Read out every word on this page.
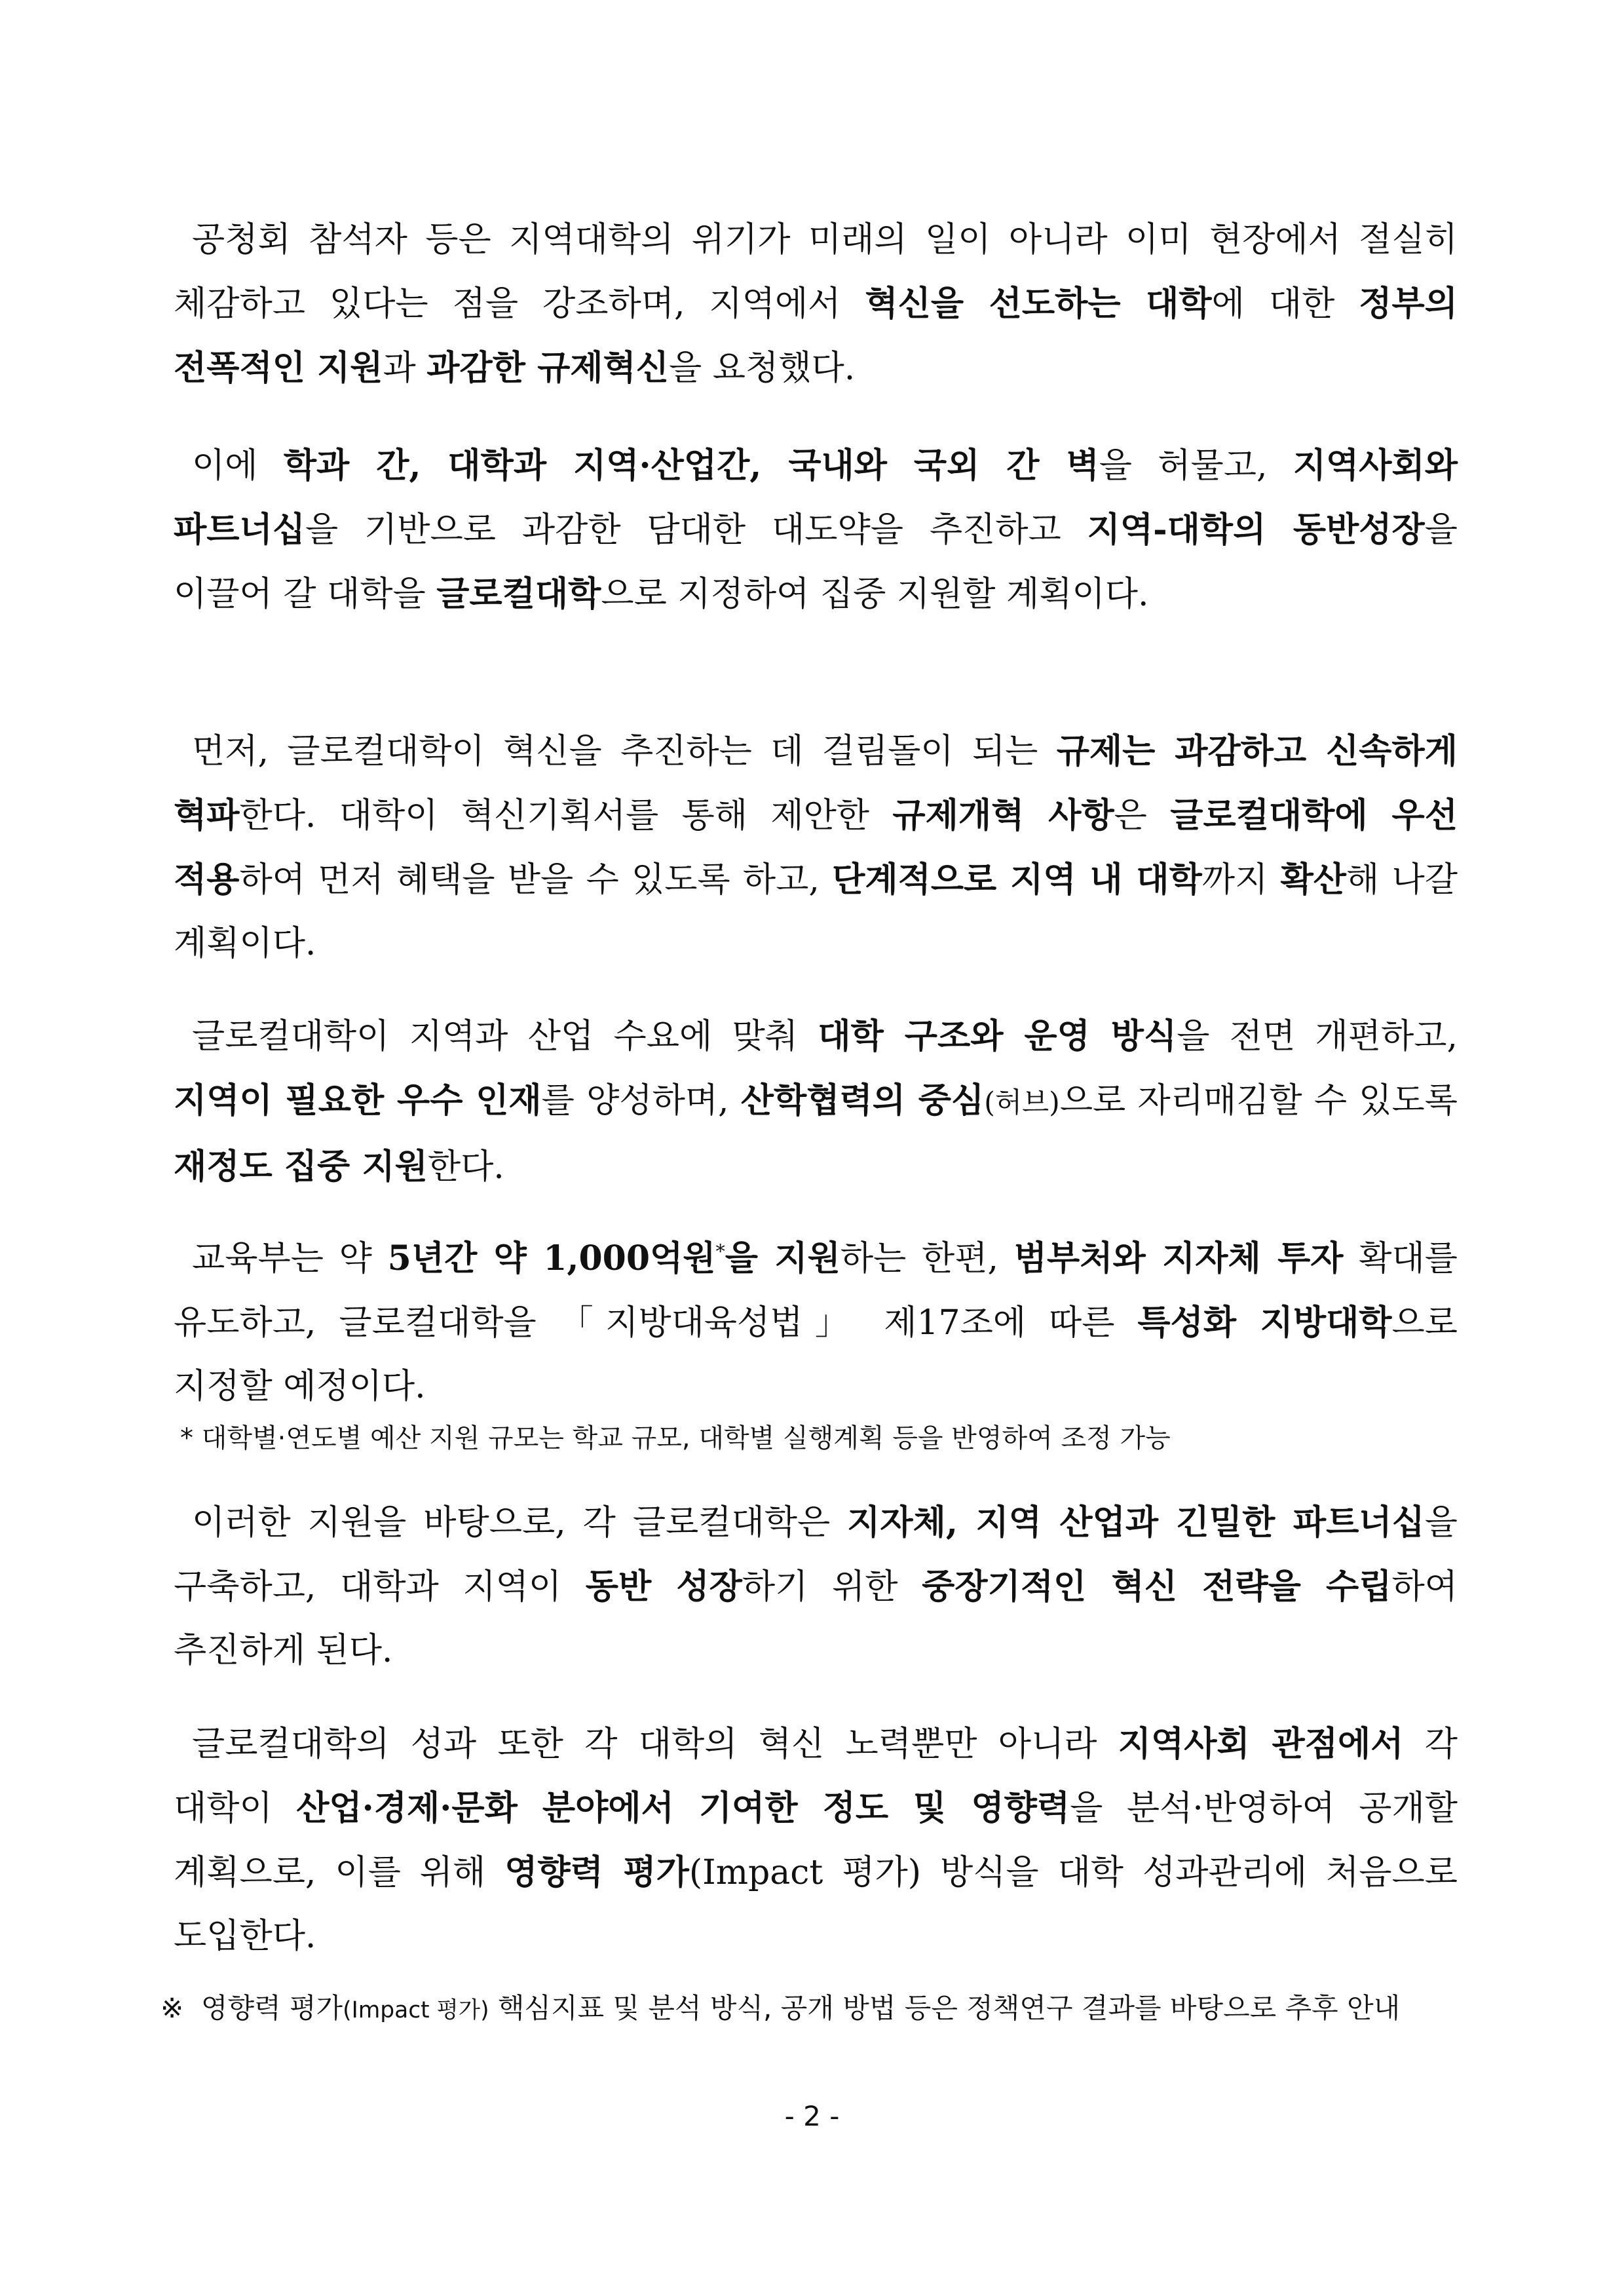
공청회 참석자 등은 지역대학의 위기가 미래의 일이 아니라 이미 현장에서 절실히 체감하고 있다는 점을 강조하며, 지역에서 혁신을 선도하는 대학에 대한 정부의 전폭적인 지원과 과감한 규제혁신을 요청했다.
이에 학과 간, 대학과 지역·산업간, 국내와 국외 간 벽을 허물고, 지역사회와 파트너십을 기반으로 과감한 담대한 대도약을 추진하고 지역-대학의 동반성장을 이끌어 갈 대학을 글로컬대학으로 지정하여 집중 지원할 계획이다.
먼저, 글로컬대학이 혁신을 추진하는 데 걸림돌이 되는 규제는 과감하고 신속하게 혁파한다. 대학이 혁신기획서를 통해 제안한 규제개혁 사항은 글로컬대학에 우선 적용하여 먼저 혜택을 받을 수 있도록 하고, 단계적으로 지역 내 대학까지 확산해 나갈 계획이다.
글로컬대학이 지역과 산업 수요에 맞춰 대학 구조와 운영 방식을 전면 개편하고, 지역이 필요한 우수 인재를 양성하며, 산학협력의 중심(허브)으로 자리매김할 수 있도록 재정도 집중 지원한다.
교육부는 약 5년간 약 1,000억원*을 지원하는 한편, 범부처와 지자체 투자 확대를 유도하고, 글로컬대학을 「지방대육성법」 제17조에 따른 특성화 지방대학으로 지정할 예정이다.
* 대학별·연도별 예산 지원 규모는 학교 규모, 대학별 실행계획 등을 반영하여 조정 가능
이러한 지원을 바탕으로, 각 글로컬대학은 지자체, 지역 산업과 긴밀한 파트너십을 구축하고, 대학과 지역이 동반 성장하기 위한 중장기적인 혁신 전략을 수립하여 추진하게 된다.
글로컬대학의 성과 또한 각 대학의 혁신 노력뿐만 아니라 지역사회 관점에서 각 대학이 산업·경제·문화 분야에서 기여한 정도 및 영향력을 분석·반영하여 공개할 계획으로, 이를 위해 영향력 평가(Impact 평가) 방식을 대학 성과관리에 처음으로 도입한다.
※ 영향력 평가(Impact 평가) 핵심지표 및 분석 방식, 공개 방법 등은 정책연구 결과를 바탕으로 추후 안내
- 2 -
